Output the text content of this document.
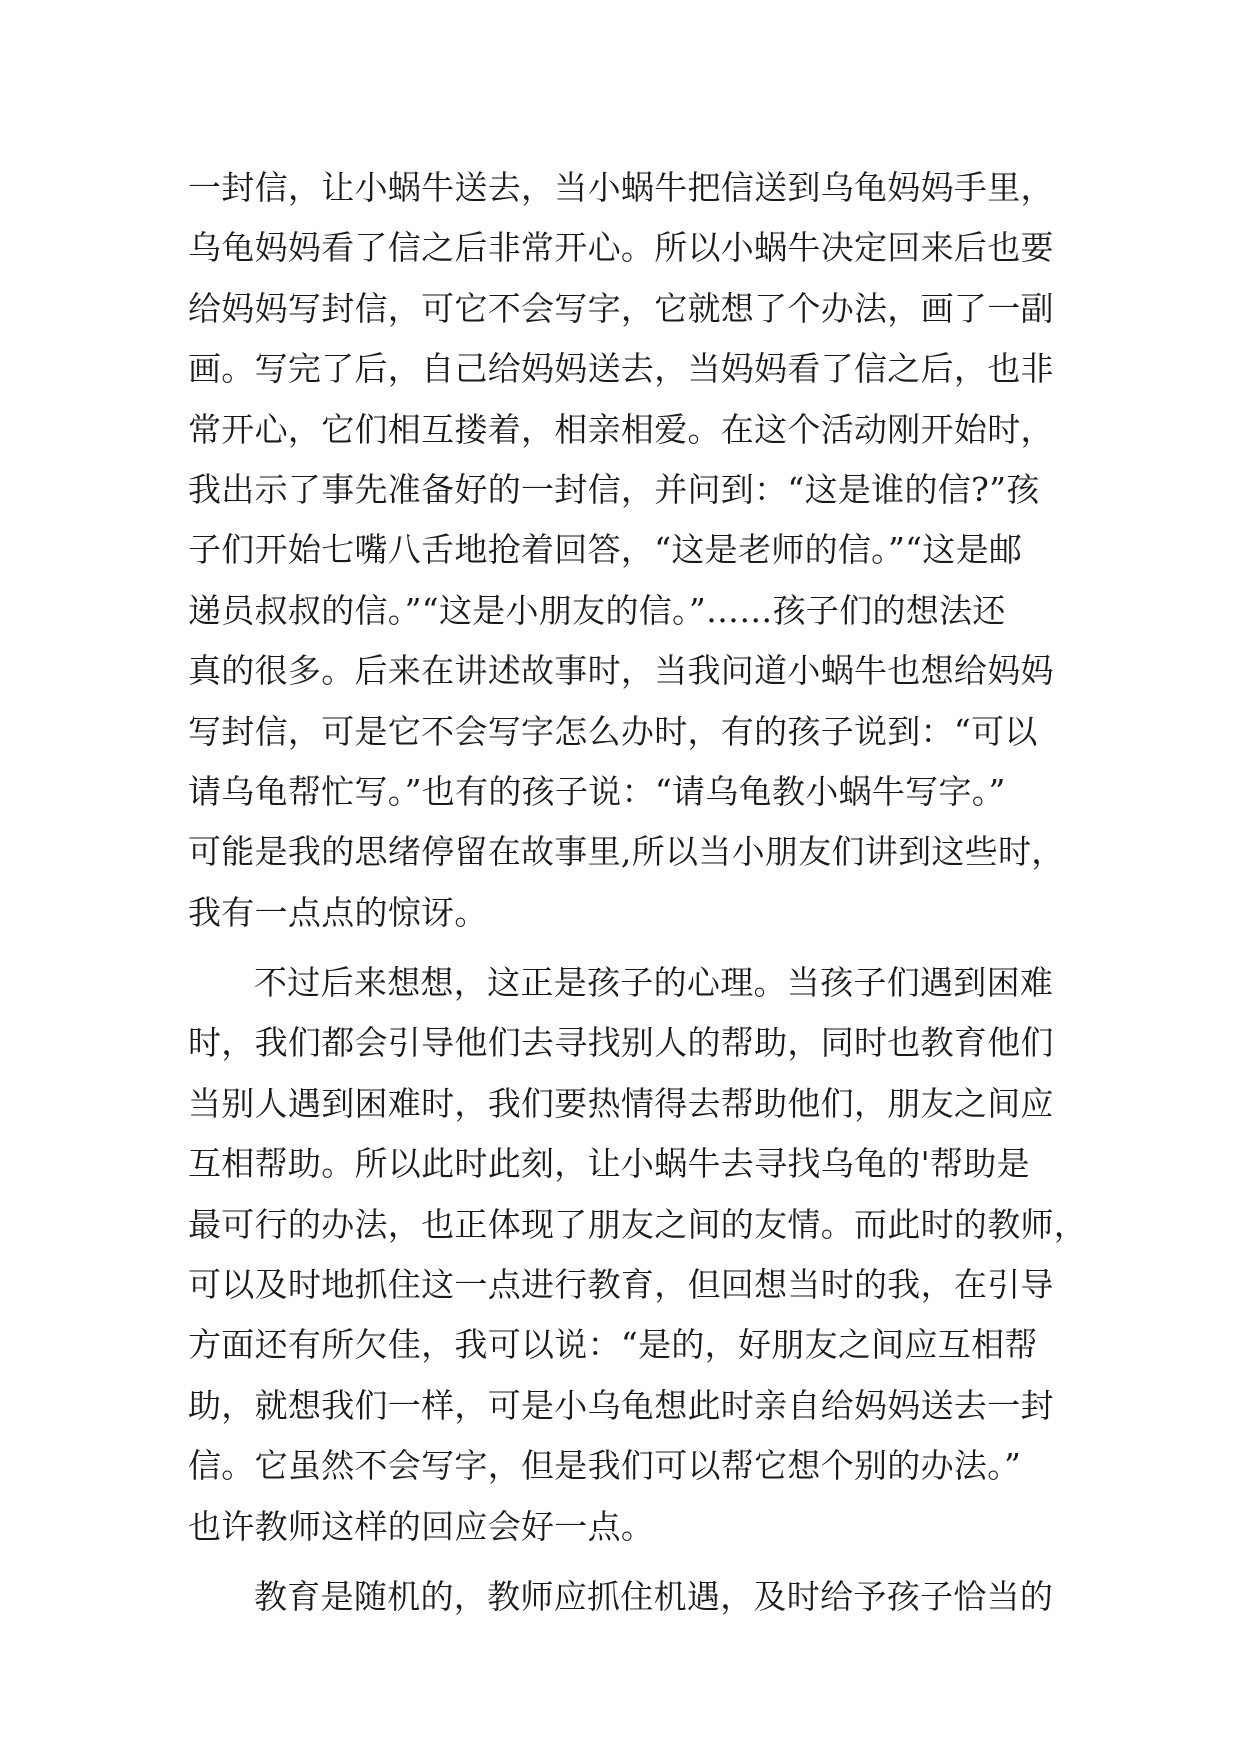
一封信，让小蜗牛送去，当小蜗牛把信送到乌龟妈妈手里，
乌龟妈妈看了信之后非常开心。所以小蜗牛决定回来后也要
给妈妈写封信，可它不会写字，它就想了个办法，画了一副
画。写完了后，自己给妈妈送去，当妈妈看了信之后，也非
常开心，它们相互搂着，相亲相爱。在这个活动刚开始时，
我出示了事先准备好的一封信，并问到：“这是谁的信?”孩
子们开始七嘴八舌地抢着回答，“这是老师的信。”“这是邮
递员叔叔的信。”“这是小朋友的信。”……孩子们的想法还
真的很多。后来在讲述故事时，当我问道小蜗牛也想给妈妈
写封信，可是它不会写字怎么办时，有的孩子说到：“可以
请乌龟帮忙写。”也有的孩子说：“请乌龟教小蜗牛写字。”
可能是我的思绪停留在故事里,所以当小朋友们讲到这些时，
我有一点点的惊讶。
不过后来想想，这正是孩子的心理。当孩子们遇到困难
时，我们都会引导他们去寻找别人的帮助，同时也教育他们
当别人遇到困难时，我们要热情得去帮助他们，朋友之间应
互相帮助。所以此时此刻，让小蜗牛去寻找乌龟的'帮助是
最可行的办法，也正体现了朋友之间的友情。而此时的教师，
可以及时地抓住这一点进行教育，但回想当时的我，在引导
方面还有所欠佳，我可以说：“是的，好朋友之间应互相帮
助，就想我们一样，可是小乌龟想此时亲自给妈妈送去一封
信。它虽然不会写字，但是我们可以帮它想个别的办法。”
也许教师这样的回应会好一点。
教育是随机的，教师应抓住机遇，及时给予孩子恰当的
